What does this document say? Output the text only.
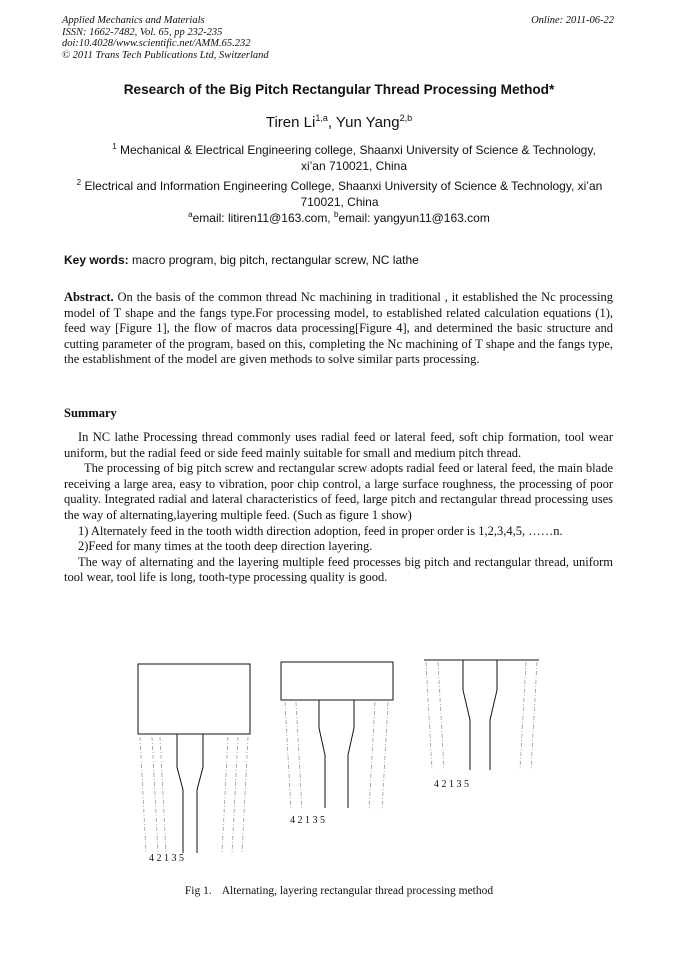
Applied Mechanics and Materials
ISSN: 1662-7482, Vol. 65, pp 232-235
doi:10.4028/www.scientific.net/AMM.65.232
© 2011 Trans Tech Publications Ltd, Switzerland
Online: 2011-06-22
Research of the Big Pitch Rectangular Thread Processing Method*
Tiren Li$^{1,a}$, Yun Yang$^{2,b}$
$^1$ Mechanical & Electrical Engineering college, Shaanxi University of Science & Technology,
xi’an 710021, China
$^2$ Electrical and Information Engineering College, Shaanxi University of Science & Technology, xi’an
710021, China
$^a$email: litiren11@163.com, $^b$email: yangyun11@163.com
Key words: macro program, big pitch, rectangular screw, NC lathe
Abstract. On the basis of the common thread Nc machining in traditional , it established the Nc processing model of T shape and the fangs type.For processing model, to established related calculation equations (1), feed way [Figure 1], the flow of macros data processing[Figure 4], and determined the basic structure and cutting parameter of the program, based on this, completing the Nc machining of T shape and the fangs type, the establishment of the model are given methods to solve similar parts processing.
Summary

In NC lathe Processing thread commonly uses radial feed or lateral feed, soft chip formation, tool wear uniform, but the radial feed or side feed mainly suitable for small and medium pitch thread.

The processing of big pitch screw and rectangular screw adopts radial feed or lateral feed, the main blade receiving a large area, easy to vibration, poor chip control, a large surface roughness, the processing of poor quality. Integrated radial and lateral characteristics of feed, large pitch and rectangular thread processing uses the way of alternating,layering multiple feed. (Such as figure 1 show)

1) Alternately feed in the tooth width direction adoption, feed in proper order is 1,2,3,4,5, ……n.

2)Feed for many times at the tooth deep direction layering.

The way of alternating and the layering multiple feed processes big pitch and rectangular thread, uniform tool wear, tool life is long, tooth-type processing quality is good.

4 2 1 3 5
4 2 1 3 5
4 2 1 3 5
Fig 1. Alternating, layering rectangular thread processing method
